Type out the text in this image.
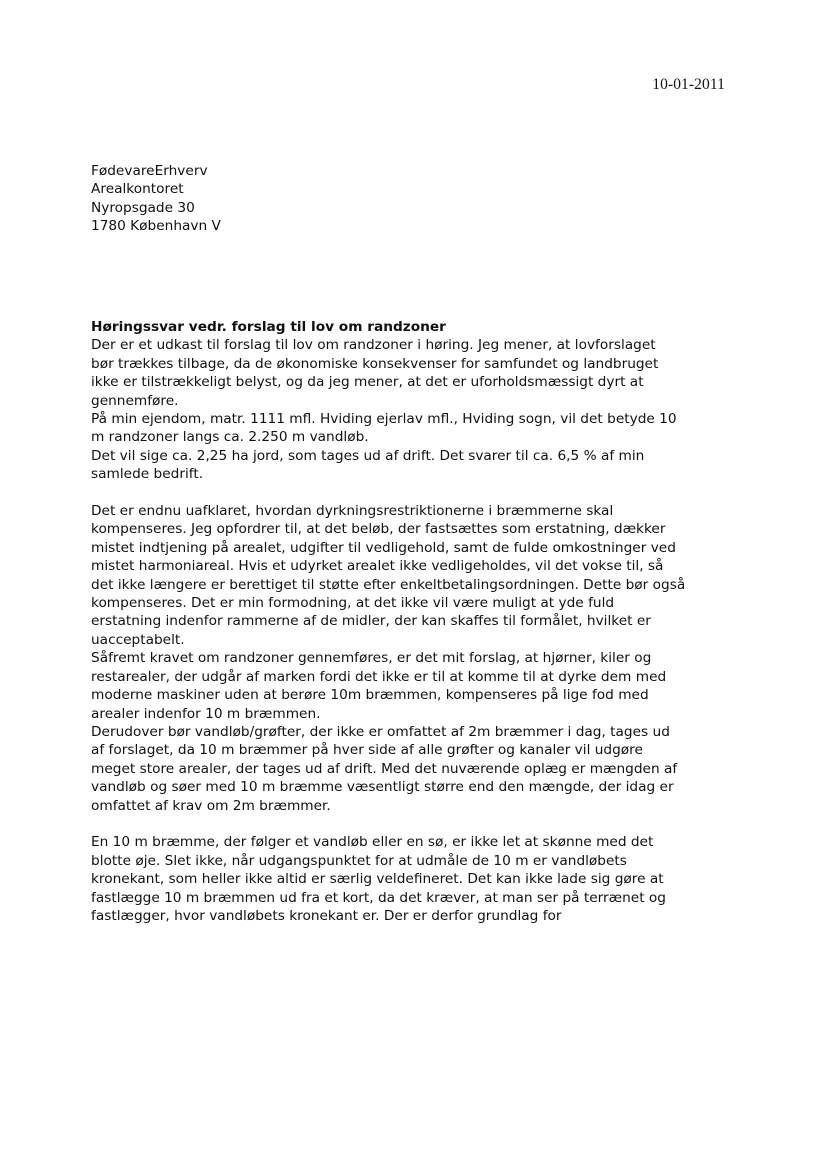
10-01-2011
FødevareErhverv
Arealkontoret
Nyropsgade 30
1780 København V
Høringssvar vedr. forslag til lov om randzoner
Der er et udkast til forslag til lov om randzoner i høring. Jeg mener, at lovforslaget
bør trækkes tilbage, da de økonomiske konsekvenser for samfundet og landbruget
ikke er tilstrækkeligt belyst, og da jeg mener, at det er uforholdsmæssigt dyrt at
gennemføre.
På min ejendom, matr. 1111 mfl. Hviding ejerlav mfl., Hviding sogn, vil det betyde 10
m randzoner langs ca. 2.250 m vandløb.
Det vil sige ca. 2,25 ha jord, som tages ud af drift. Det svarer til ca. 6,5 % af min
samlede bedrift.
Det er endnu uafklaret, hvordan dyrkningsrestriktionerne i bræmmerne skal
kompenseres. Jeg opfordrer til, at det beløb, der fastsættes som erstatning, dækker
mistet indtjening på arealet, udgifter til vedligehold, samt de fulde omkostninger ved
mistet harmoniareal. Hvis et udyrket arealet ikke vedligeholdes, vil det vokse til, så
det ikke længere er berettiget til støtte efter enkeltbetalingsordningen. Dette bør også
kompenseres. Det er min formodning, at det ikke vil være muligt at yde fuld
erstatning indenfor rammerne af de midler, der kan skaffes til formålet, hvilket er
uacceptabelt.
Såfremt kravet om randzoner gennemføres, er det mit forslag, at hjørner, kiler og
restarealer, der udgår af marken fordi det ikke er til at komme til at dyrke dem med
moderne maskiner uden at berøre 10m bræmmen, kompenseres på lige fod med
arealer indenfor 10 m bræmmen.
Derudover bør vandløb/grøfter, der ikke er omfattet af 2m bræmmer i dag, tages ud
af forslaget, da 10 m bræmmer på hver side af alle grøfter og kanaler vil udgøre
meget store arealer, der tages ud af drift. Med det nuværende oplæg er mængden af
vandløb og søer med 10 m bræmme væsentligt større end den mængde, der idag er
omfattet af krav om 2m bræmmer.
En 10 m bræmme, der følger et vandløb eller en sø, er ikke let at skønne med det
blotte øje. Slet ikke, når udgangspunktet for at udmåle de 10 m er vandløbets
kronekant, som heller ikke altid er særlig veldefineret. Det kan ikke lade sig gøre at
fastlægge 10 m bræmmen ud fra et kort, da det kræver, at man ser på terrænet og
fastlægger, hvor vandløbets kronekant er. Der er derfor grundlag for
